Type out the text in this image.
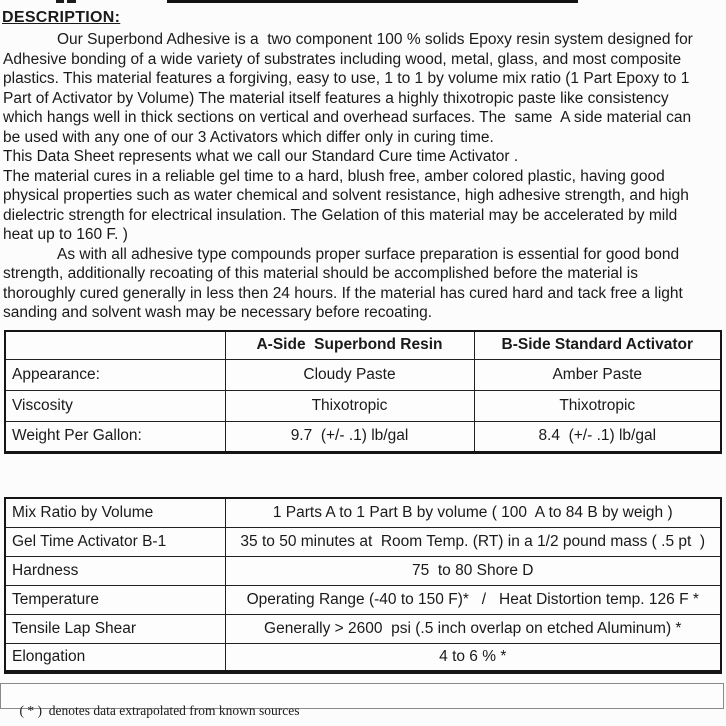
DESCRIPTION:
Our Superbond Adhesive is a  two component 100 % solids Epoxy resin system designed for
Adhesive bonding of a wide variety of substrates including wood, metal, glass, and most composite
plastics. This material features a forgiving, easy to use, 1 to 1 by volume mix ratio (1 Part Epoxy to 1
Part of Activator by Volume) The material itself features a highly thixotropic paste like consistency
which hangs well in thick sections on vertical and overhead surfaces. The  same  A side material can
be used with any one of our 3 Activators which differ only in curing time.
This Data Sheet represents what we call our Standard Cure time Activator .
The material cures in a reliable gel time to a hard, blush free, amber colored plastic, having good
physical properties such as water chemical and solvent resistance, high adhesive strength, and high
dielectric strength for electrical insulation. The Gelation of this material may be accelerated by mild
heat up to 160 F. )
As with all adhesive type compounds proper surface preparation is essential for good bond
strength, additionally recoating of this material should be accomplished before the material is
thoroughly cured generally in less then 24 hours. If the material has cured hard and tack free a light
sanding and solvent wash may be necessary before recoating.
	A-Side  Superbond Resin	B-Side Standard Activator
Appearance:	Cloudy Paste	Amber Paste
Viscosity	Thixotropic	Thixotropic
Weight Per Gallon:	9.7  (+/- .1) lb/gal	8.4  (+/- .1) lb/gal
Mix Ratio by Volume	1 Parts A to 1 Part B by volume ( 100  A to 84 B by weigh )
Gel Time Activator B-1	35 to 50 minutes at  Room Temp. (RT) in a 1/2 pound mass ( .5 pt  )
Hardness	75  to 80 Shore D
Temperature	Operating Range (-40 to 150 F)*   /   Heat Distortion temp. 126 F *
Tensile Lap Shear	Generally > 2600  psi (.5 inch overlap on etched Aluminum) *
Elongation	4 to 6 % *

( * )  denotes data extrapolated from known sources
